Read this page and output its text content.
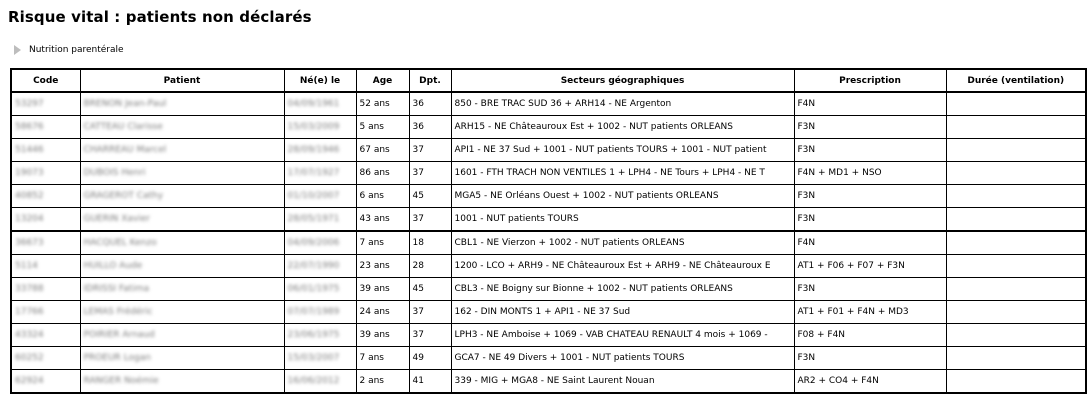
Risque vital : patients non déclarés
Nutrition parentérale
Code	Patient	Né(e) le	Age	Dpt.	Secteurs géographiques	Prescription	Durée (ventilation)
53297	BRENON Jean-Paul	04/09/1961	52 ans	36	850 - BRE TRAC SUD 36 + ARH14 - NE Argenton	F4N	
58676	CATTEAU Clarisse	15/03/2009	5 ans	36	ARH15 - NE Châteauroux Est + 1002 - NUT patients ORLEANS	F3N	
51446	CHARREAU Marcel	28/09/1946	67 ans	37	API1 - NE 37 Sud + 1001 - NUT patients TOURS + 1001 - NUT patient	F3N	
19073	DUBOIS Henri	17/07/1927	86 ans	37	1601 - FTH TRACH NON VENTILES 1 + LPH4 - NE Tours + LPH4 - NE T	F4N + MD1 + NSO	
40852	GRAGEROT Cathy	01/10/2007	6 ans	45	MGA5 - NE Orléans Ouest + 1002 - NUT patients ORLEANS	F3N	
13204	GUERIN Xavier	28/05/1971	43 ans	37	1001 - NUT patients TOURS	F3N	
36673	HACQUEL Kenzo	04/09/2006	7 ans	18	CBL1 - NE Vierzon + 1002 - NUT patients ORLEANS	F4N	
5114	HUILLO Aude	22/07/1990	23 ans	28	1200 - LCO + ARH9 - NE Châteauroux Est + ARH9 - NE Châteauroux E	AT1 + F06 + F07 + F3N	
33788	IDRISSI Fatima	06/01/1975	39 ans	45	CBL3 - NE Boigny sur Bionne + 1002 - NUT patients ORLEANS	F3N	
17766	LEMAS Frédéric	07/07/1989	24 ans	37	162 - DIN MONTS 1 + API1 - NE 37 Sud	AT1 + F01 + F4N + MD3	
43324	POIRIER Arnaud	23/06/1975	39 ans	37	LPH3 - NE Amboise + 1069 - VAB CHATEAU RENAULT 4 mois + 1069 -	F08 + F4N	
60252	PROEUR Logan	15/03/2007	7 ans	49	GCA7 - NE 49 Divers + 1001 - NUT patients TOURS	F3N	
62924	RANGER Noémie	16/06/2012	2 ans	41	339 - MIG + MGA8 - NE Saint Laurent Nouan	AR2 + CO4 + F4N	
